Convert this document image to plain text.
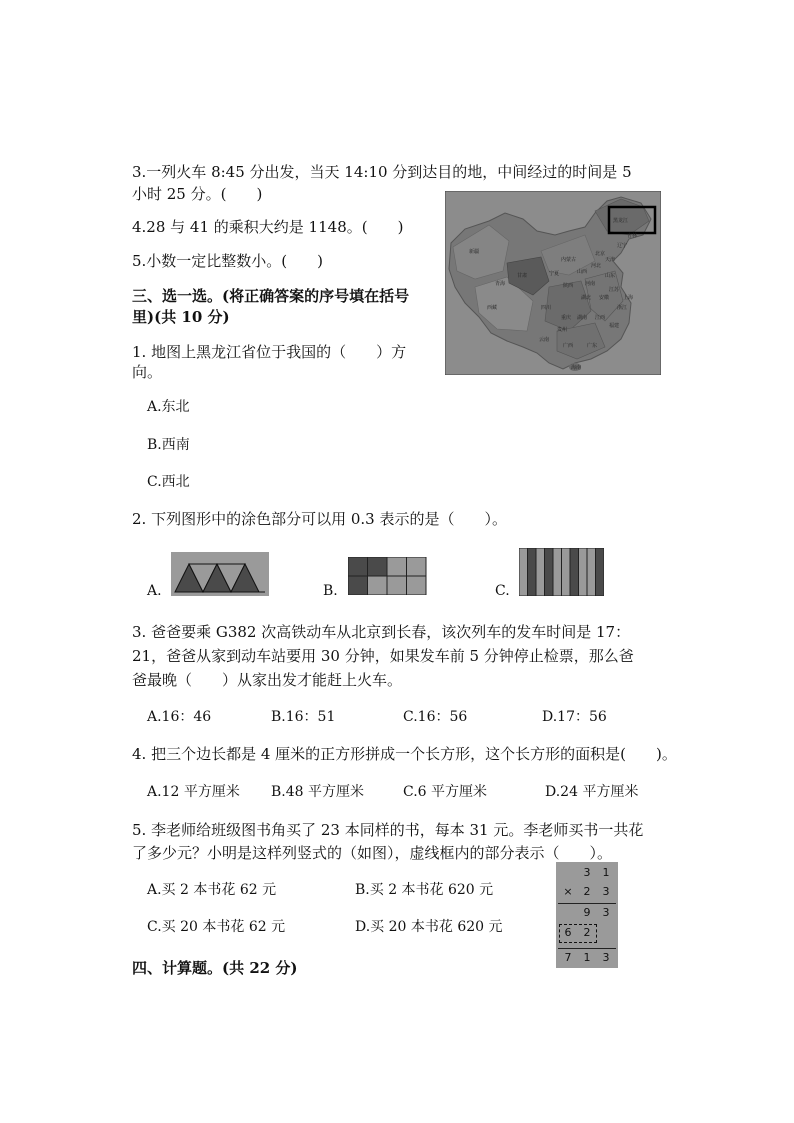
3.一列火车 8:45 分出发，当天 14:10 分到达目的地，中间经过的时间是 5
小时 25 分。(　　)
4.28 与 41 的乘积大约是 1148。(　　)
5.小数一定比整数小。(　　)
三、选一选。(将正确答案的序号填在括号
里)(共 10 分)
1. 地图上黑龙江省位于我国的（　　）方
向。
A.东北
B.西南
C.西北
黑龙江
内蒙古
新疆
西藏
青海
甘肃
四川
云南
广西	广东
海南
湖南 江西
福建
浙江
上海
江苏
安徽
湖北
河南
山东
河北
北京
天津
辽宁
吉林
山西
陕西
宁夏
重庆
贵州
2. 下列图形中的涂色部分可以用 0.3 表示的是（　　）。
A.	B.	C.
3. 爸爸要乘 G382 次高铁动车从北京到长春，该次列车的发车时间是 17：
21，爸爸从家到动车站要用 30 分钟，如果发车前 5 分钟停止检票，那么爸
爸最晚（　　）从家出发才能赶上火车。
A.16：46	B.16：51	C.16：56	D.17：56
4. 把三个边长都是 4 厘米的正方形拼成一个长方形，这个长方形的面积是(　　)。
A.12 平方厘米 B.48 平方厘米	C.6 平方厘米	D.24 平方厘米
5. 李老师给班级图书角买了 23 本同样的书，每本 31 元。李老师买书一共花
了多少元？小明是这样列竖式的（如图），虚线框内的部分表示（　　）。
A.买 2 本书花 62 元	B.买 2 本书花 620 元
C.买 20 本书花 62 元	D.买 20 本书花 620 元
3	1
× 2	3
9	3
6	2
7	1	3
四、计算题。(共 22 分)
